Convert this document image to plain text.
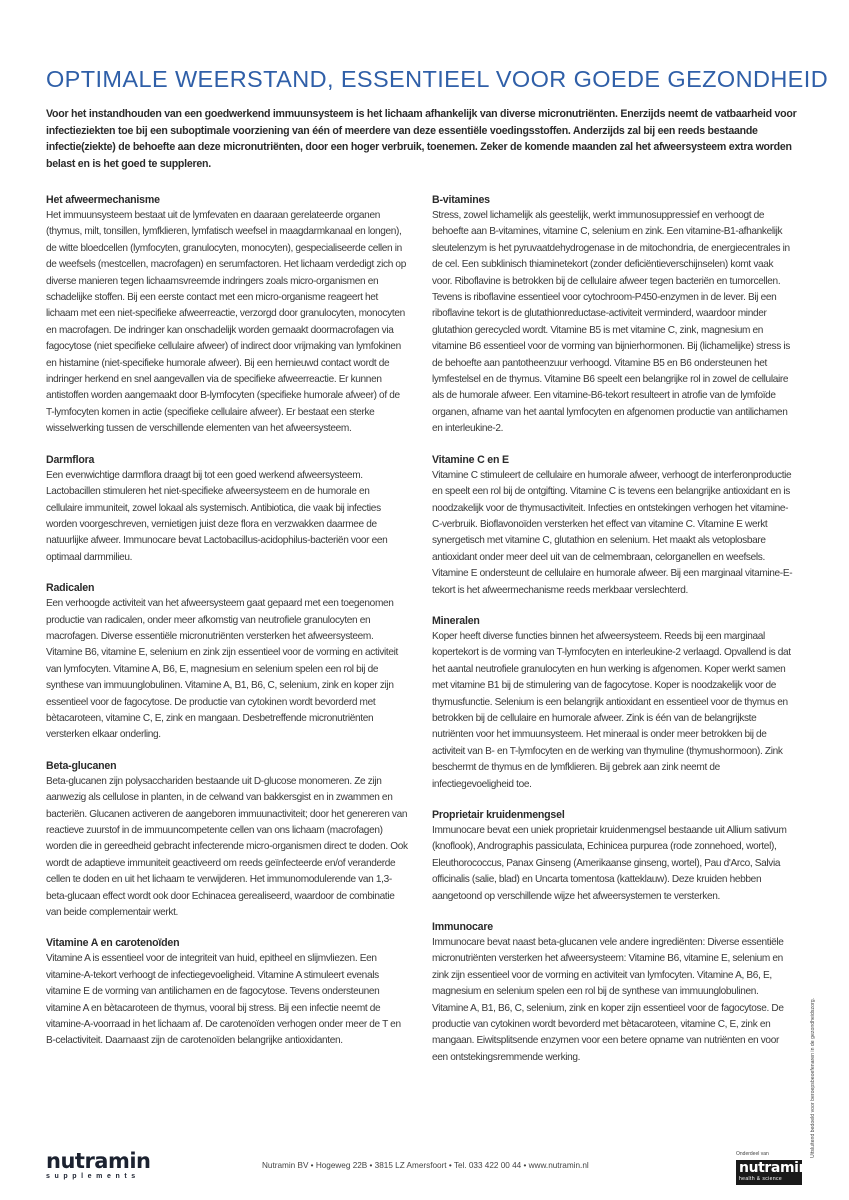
OPTIMALE WEERSTAND, ESSENTIEEL VOOR GOEDE GEZONDHEID

Voor het instandhouden van een goedwerkend immuunsysteem is het lichaam afhankelijk van diverse micronutriënten. Enerzijds neemt de vatbaarheid voor infectieziekten toe bij een suboptimale voorziening van één of meerdere van deze essentiële voedingsstoffen. Anderzijds zal bij een reeds bestaande infectie(ziekte) de behoefte aan deze micronutriënten, door een hoger verbruik, toenemen. Zeker de komende maanden zal het afweersysteem extra worden belast en is het goed te suppleren.

Het afweermechanisme

Het immuunsysteem bestaat uit de lymfevaten en daaraan gerelateerde organen (thymus, milt, tonsillen, lymfklieren, lymfatisch weefsel in maagdarmkanaal en longen), de witte bloedcellen (lymfocyten, granulocyten, monocyten), gespecialiseerde cellen in de weefsels (mestcellen, macrofagen) en serumfactoren. Het lichaam verdedigt zich op diverse manieren tegen lichaamsvreemde indringers zoals micro-organismen en schadelijke stoffen. Bij een eerste contact met een micro-organisme reageert het lichaam met een niet-specifieke afweerreactie, verzorgd door granulocyten, monocyten en macrofagen. De indringer kan onschadelijk worden gemaakt doormacrofagen via fagocytose (niet specifieke cellulaire afweer) of indirect door vrijmaking van lymfokinen en histamine (niet-specifieke humorale afweer). Bij een hernieuwd contact wordt de indringer herkend en snel aangevallen via de specifieke afweerreactie. Er kunnen antistoffen worden aangemaakt door B-lymfocyten (specifieke humorale afweer) of de T-lymfocyten komen in actie (specifieke cellulaire afweer). Er bestaat een sterke wisselwerking tussen de verschillende elementen van het afweersysteem.

Darmflora

Een evenwichtige darmflora draagt bij tot een goed werkend afweersysteem. Lactobacillen stimuleren het niet-specifieke afweersysteem en de humorale en cellulaire immuniteit, zowel lokaal als systemisch. Antibiotica, die vaak bij infecties worden voorgeschreven, vernietigen juist deze flora en verzwakken daarmee de natuurlijke afweer. Immunocare bevat Lactobacillus-acidophilus-bacteriën voor een optimaal darmmilieu.

Radicalen

Een verhoogde activiteit van het afweersysteem gaat gepaard met een toegenomen productie van radicalen, onder meer afkomstig van neutrofiele granulocyten en macrofagen. Diverse essentiële micronutriënten versterken het afweersysteem. Vitamine B6, vitamine E, selenium en zink zijn essentieel voor de vorming en activiteit van lymfocyten. Vitamine A, B6, E, magnesium en selenium spelen een rol bij de synthese van immuunglobulinen. Vitamine A, B1, B6, C, selenium, zink en koper zijn essentieel voor de fagocytose. De productie van cytokinen wordt bevorderd met bètacaroteen, vitamine C, E, zink en mangaan. Desbetreffende micronutriënten versterken elkaar onderling.

Beta-glucanen

Beta-glucanen zijn polysacchariden bestaande uit D-glucose monomeren. Ze zijn aanwezig als cellulose in planten, in de celwand van bakkersgist en in zwammen en bacteriën. Glucanen activeren de aangeboren immuunactiviteit; door het genereren van reactieve zuurstof in de immuuncompetente cellen van ons lichaam (macrofagen) worden die in gereedheid gebracht infecterende micro-organismen direct te doden. Ook wordt de adaptieve immuniteit geactiveerd om reeds geïnfecteerde en/of veranderde cellen te doden en uit het lichaam te verwijderen. Het immunomodulerende van 1,3-beta-glucaan effect wordt ook door Echinacea gerealiseerd, waardoor de combinatie van beide complementair werkt.

Vitamine A en carotenoïden

Vitamine A is essentieel voor de integriteit van huid, epitheel en slijmvliezen. Een vitamine-A-tekort verhoogt de infectiegevoeligheid. Vitamine A stimuleert evenals vitamine E de vorming van antilichamen en de fagocytose. Tevens ondersteunen vitamine A en bètacaroteen de thymus, vooral bij stress. Bij een infectie neemt de vitamine-A-voorraad in het lichaam af. De carotenoïden verhogen onder meer de T en B-celactiviteit. Daarnaast zijn de carotenoïden belangrijke antioxidanten.

B-vitamines

Stress, zowel lichamelijk als geestelijk, werkt immunosuppressief en verhoogt de behoefte aan B-vitamines, vitamine C, selenium en zink. Een vitamine-B1-afhankelijk sleutelenzym is het pyruvaatdehydrogenase in de mitochondria, de energiecentrales in de cel. Een subklinisch thiaminetekort (zonder deficiëntieverschijnselen) komt vaak voor. Riboflavine is betrokken bij de cellulaire afweer tegen bacteriën en tumorcellen. Tevens is riboflavine essentieel voor cytochroom-P450-enzymen in de lever. Bij een riboflavine tekort is de glutathionreductase-activiteit verminderd, waardoor minder glutathion gerecycled wordt. Vitamine B5 is met vitamine C, zink, magnesium en vitamine B6 essentieel voor de vorming van bijnierhormonen. Bij (lichamelijke) stress is de behoefte aan pantotheenzuur verhoogd. Vitamine B5 en B6 ondersteunen het lymfestelsel en de thymus. Vitamine B6 speelt een belangrijke rol in zowel de cellulaire als de humorale afweer. Een vitamine-B6-tekort resulteert in atrofie van de lymfoïde organen, afname van het aantal lymfocyten en afgenomen productie van antilichamen en interleukine-2.

Vitamine C en E

Vitamine C stimuleert de cellulaire en humorale afweer, verhoogt de interferonproductie en speelt een rol bij de ontgifting. Vitamine C is tevens een belangrijke antioxidant en is noodzakelijk voor de thymusactiviteit. Infecties en ontstekingen verhogen het vitamine-C-verbruik. Bioflavonoïden versterken het effect van vitamine C. Vitamine E werkt synergetisch met vitamine C, glutathion en selenium. Het maakt als vetoplosbare antioxidant onder meer deel uit van de celmembraan, celorganellen en weefsels. Vitamine E ondersteunt de cellulaire en humorale afweer. Bij een marginaal vitamine-E-tekort is het afweermechanisme reeds merkbaar verslechterd.

Mineralen

Koper heeft diverse functies binnen het afweersysteem. Reeds bij een marginaal kopertekort is de vorming van T-lymfocyten en interleukine-2 verlaagd. Opvallend is dat het aantal neutrofiele granulocyten en hun werking is afgenomen. Koper werkt samen met vitamine B1 bij de stimulering van de fagocytose. Koper is noodzakelijk voor de thymusfunctie. Selenium is een belangrijk antioxidant en essentieel voor de thymus en betrokken bij de cellulaire en humorale afweer. Zink is één van de belangrijkste nutriënten voor het immuunsysteem. Het mineraal is onder meer betrokken bij de activiteit van B- en T-lymfocyten en de werking van thymuline (thymushormoon). Zink beschermt de thymus en de lymfklieren. Bij gebrek aan zink neemt de infectiegevoeligheid toe.

Proprietair kruidenmengsel

Immunocare bevat een uniek proprietair kruidenmengsel bestaande uit Allium sativum (knoflook), Andrographis passiculata, Echinicea purpurea (rode zonnehoed, wortel), Eleuthorococcus, Panax Ginseng (Amerikaanse ginseng, wortel), Pau d'Arco, Salvia officinalis (salie, blad) en Uncarta tomentosa (katteklauw). Deze kruiden hebben aangetoond op verschillende wijze het afweersystemen te versterken.

Immunocare

Immunocare bevat naast beta-glucanen vele andere ingrediënten: Diverse essentiële micronutriënten versterken het afweersysteem: Vitamine B6, vitamine E, selenium en zink zijn essentieel voor de vorming en activiteit van lymfocyten. Vitamine A, B6, E, magnesium en selenium spelen een rol bij de synthese van immuunglobulinen. Vitamine A, B1, B6, C, selenium, zink en koper zijn essentieel voor de fagocytose. De productie van cytokinen wordt bevorderd met bètacaroteen, vitamine C, E, zink en mangaan. Eiwitsplitsende enzymen voor een betere opname van nutriënten en voor een ontstekingsremmende werking.

nutramin
supplements
Nutramin BV • Hogeweg 22B • 3815 LZ Amersfoort • Tel. 033 422 00 44 • www.nutramin.nl
Onderdeel van
nutramin
health & science
Uitsluitend bedoeld voor beroepsbeoefenaren in de gezondheidszorg.
